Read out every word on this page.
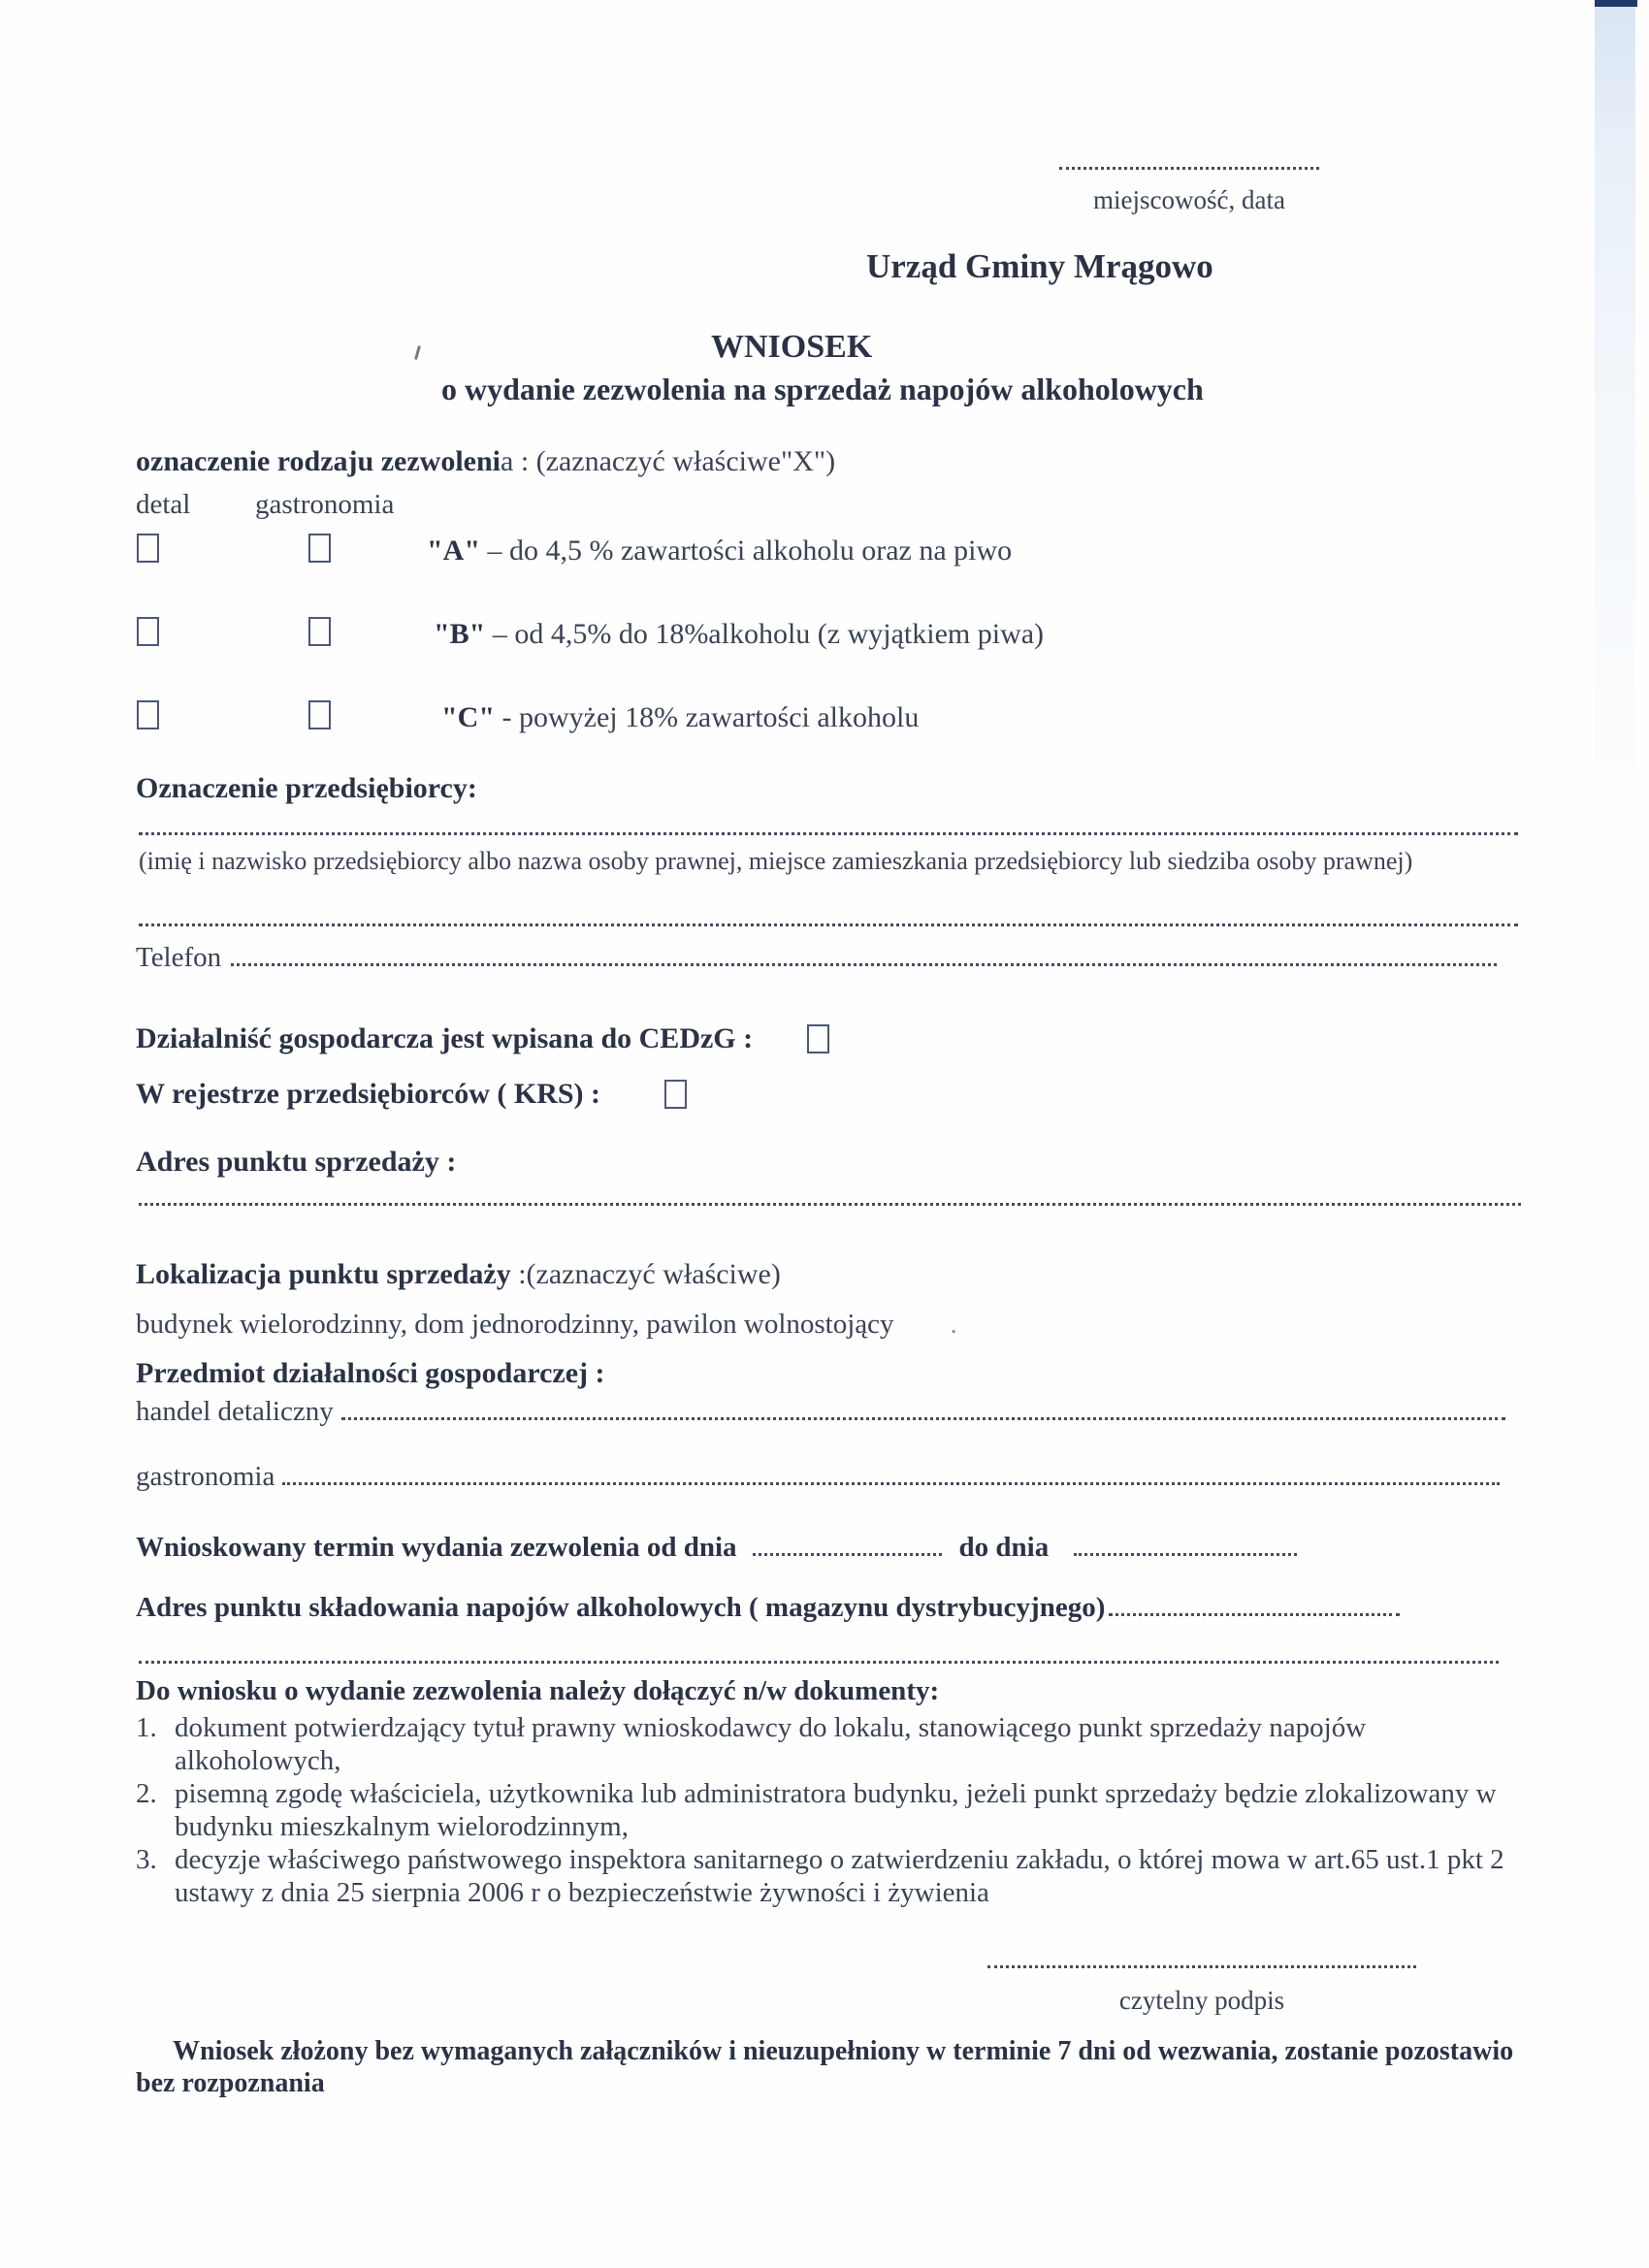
miejscowość, data
Urząd Gminy Mrągowo
WNIOSEK
o wydanie zezwolenia na sprzedaż napojów alkoholowych
oznaczenie rodzaju zezwolenia : (zaznaczyć właściwe"X")
detal gastronomia
"A" – do 4,5 % zawartości alkoholu oraz na piwo
"B" – od 4,5% do 18%alkoholu (z wyjątkiem piwa)
"C" - powyżej 18% zawartości alkoholu
Oznaczenie przedsiębiorcy:
(imię i nazwisko przedsiębiorcy albo nazwa osoby prawnej, miejsce zamieszkania przedsiębiorcy lub siedziba osoby prawnej)
Telefon
Działalniść gospodarcza jest wpisana do CEDzG :
W rejestrze przedsiębiorców ( KRS) :
Adres punktu sprzedaży :
Lokalizacja punktu sprzedaży :(zaznaczyć właściwe)
budynek wielorodzinny, dom jednorodzinny, pawilon wolnostojący .
Przedmiot działalności gospodarczej :
handel detaliczny
gastronomia
Wnioskowany termin wydania zezwolenia od dnia	do dnia
Adres punktu składowania napojów alkoholowych ( magazynu dystrybucyjnego)
Do wniosku o wydanie zezwolenia należy dołączyć n/w dokumenty:
1. dokument potwierdzający tytuł prawny wnioskodawcy do lokalu, stanowiącego punkt sprzedaży napojów alkoholowych,
2. pisemną zgodę właściciela, użytkownika lub administratora budynku, jeżeli punkt sprzedaży będzie zlokalizowany w budynku mieszkalnym wielorodzinnym,
3. decyzje właściwego państwowego inspektora sanitarnego o zatwierdzeniu zakładu, o której mowa w art.65 ust.1 pkt 2 ustawy z dnia 25 sierpnia 2006 r o bezpieczeństwie żywności i żywienia
czytelny podpis
Wniosek złożony bez wymaganych załączników i nieuzupełniony w terminie 7 dni od wezwania, zostanie pozostawio bez rozpoznania
